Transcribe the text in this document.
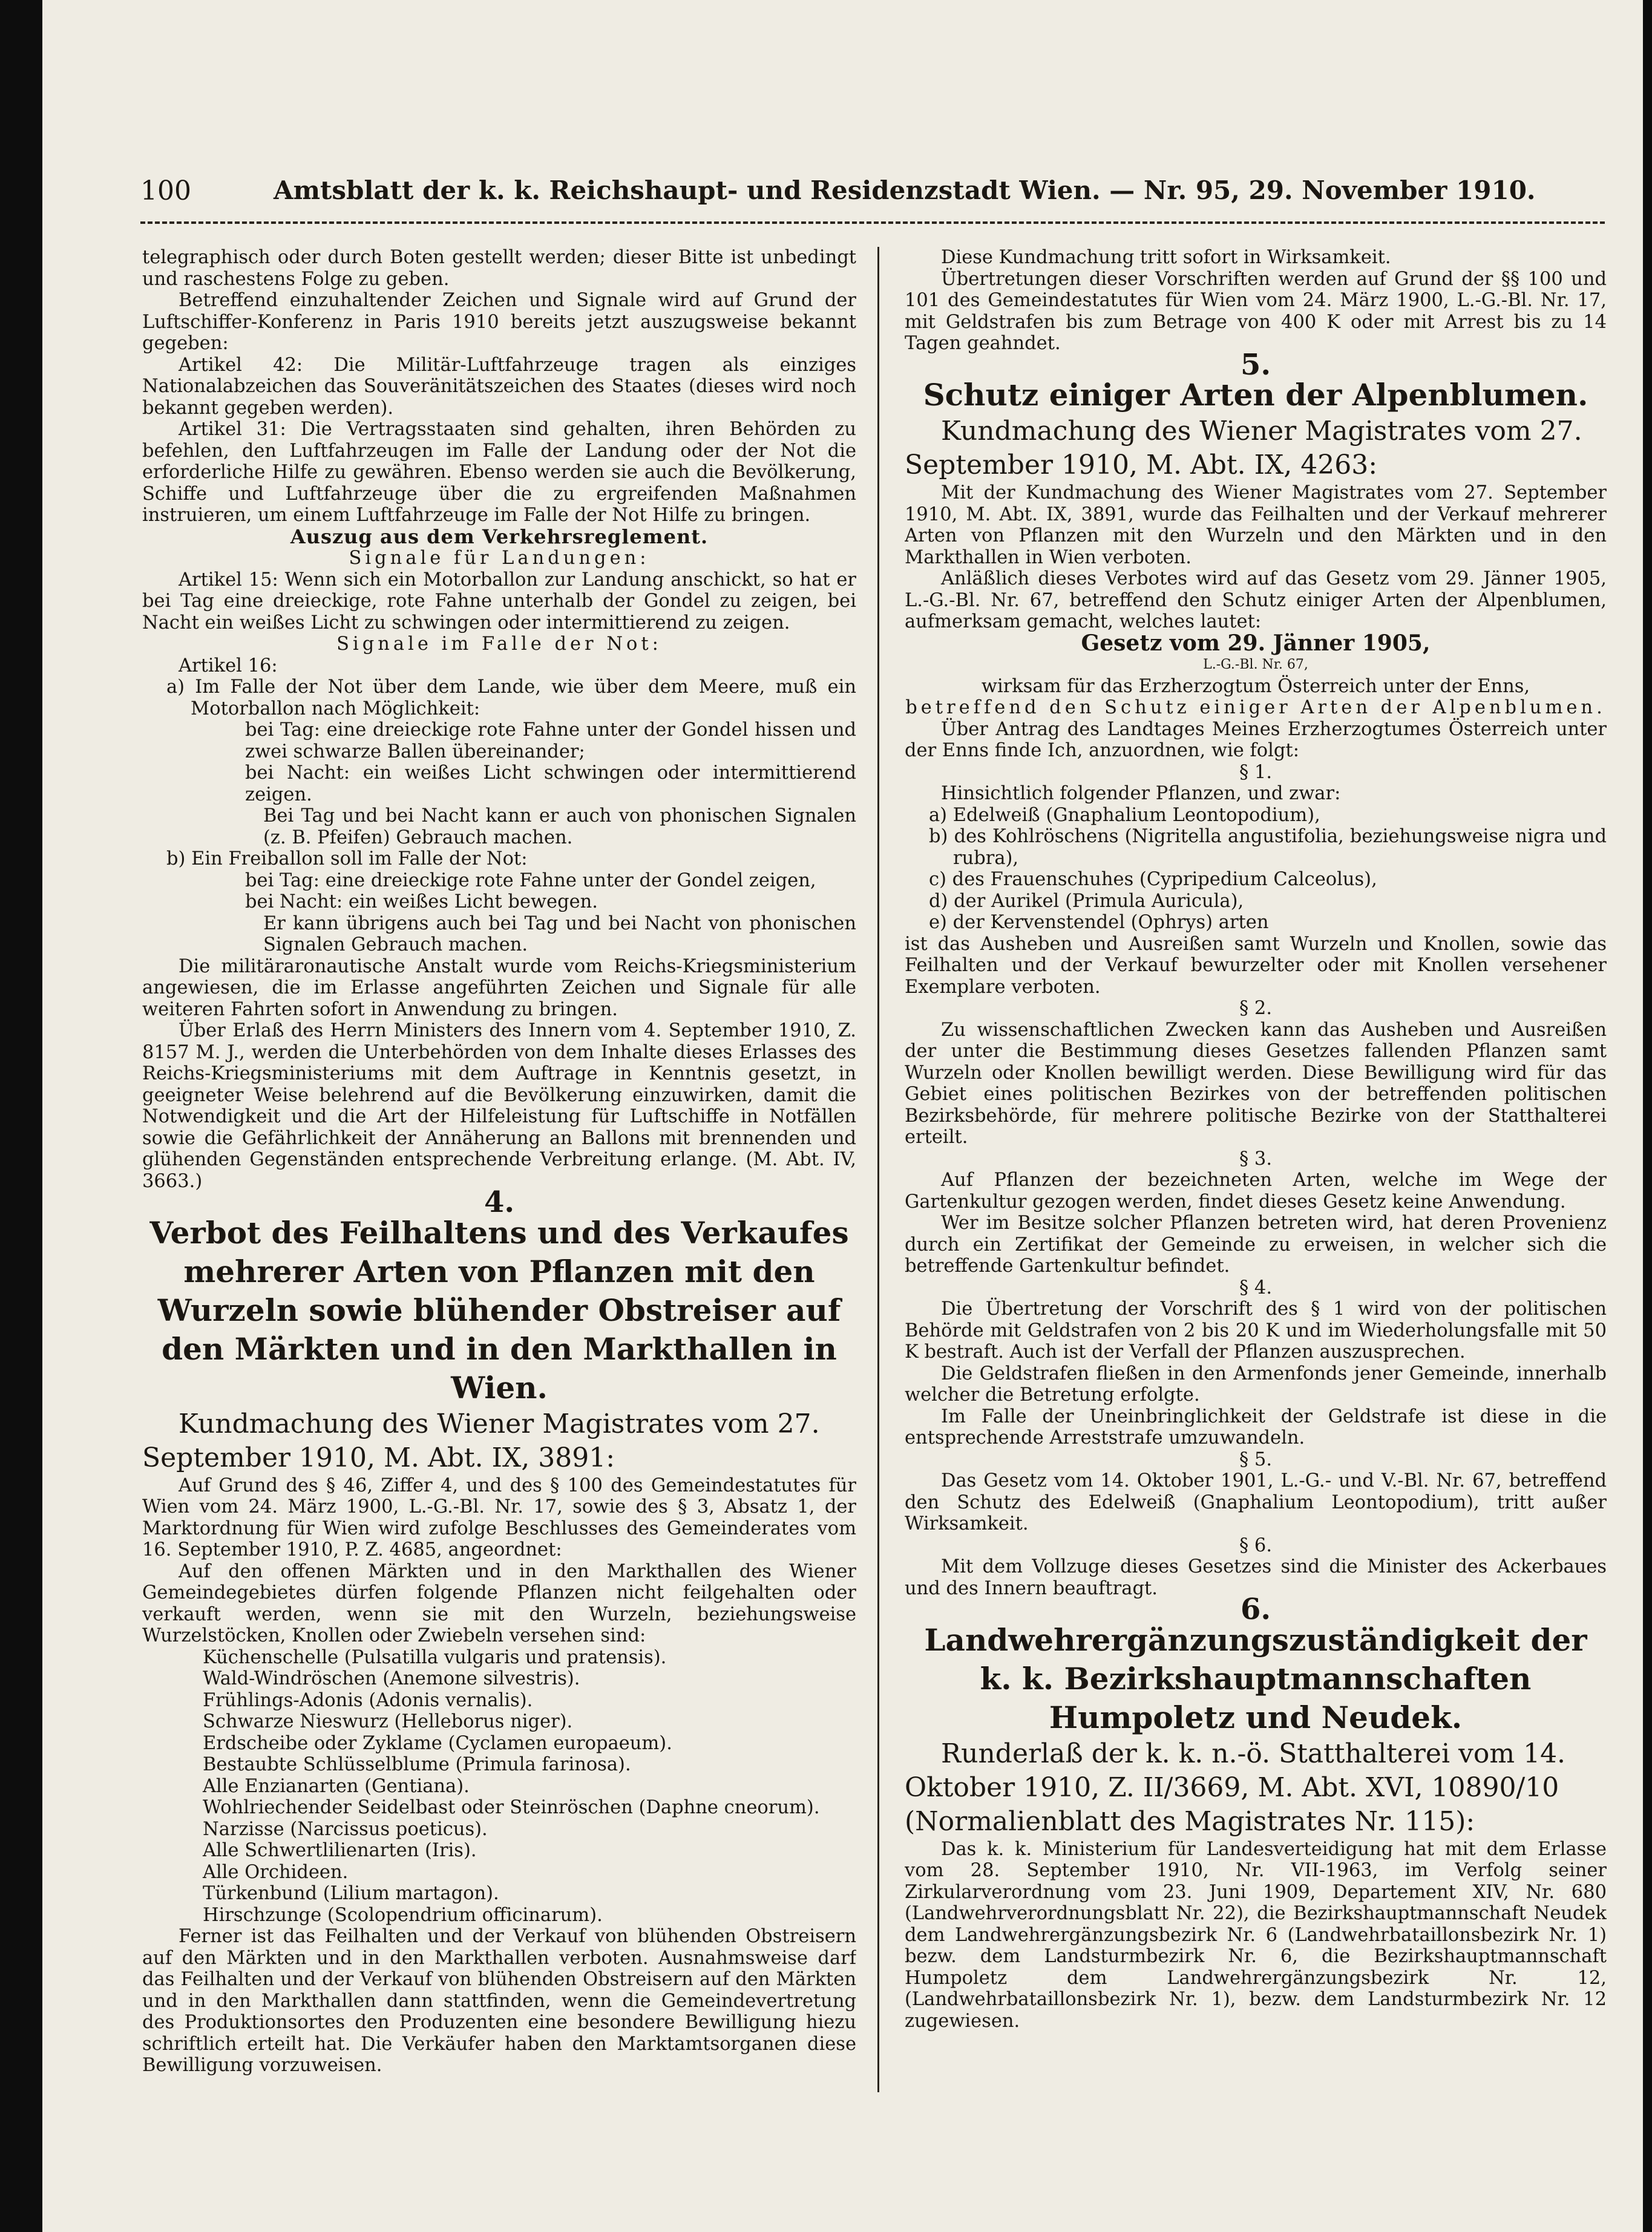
100	Amtsblatt der k. k. Reichshaupt- und Residenzstadt Wien. — Nr. 95, 29. November 1910.

telegraphisch oder durch Boten gestellt werden; dieser Bitte ist unbedingt und raschestens Folge zu geben.

Betreffend einzuhaltender Zeichen und Signale wird auf Grund der Luftschiffer-Konferenz in Paris 1910 bereits jetzt auszugsweise bekannt gegeben:

Artikel 42: Die Militär-Luftfahrzeuge tragen als einziges Nationalabzeichen das Souveränitätszeichen des Staates (dieses wird noch bekannt gegeben werden).

Artikel 31: Die Vertragsstaaten sind gehalten, ihren Behörden zu befehlen, den Luftfahrzeugen im Falle der Landung oder der Not die erforderliche Hilfe zu gewähren. Ebenso werden sie auch die Bevölkerung, Schiffe und Luftfahrzeuge über die zu ergreifenden Maßnahmen instruieren, um einem Luftfahrzeuge im Falle der Not Hilfe zu bringen.

Auszug aus dem Verkehrsreglement.

Signale für Landungen:

Artikel 15: Wenn sich ein Motorballon zur Landung anschickt, so hat er bei Tag eine dreieckige, rote Fahne unterhalb der Gondel zu zeigen, bei Nacht ein weißes Licht zu schwingen oder intermittierend zu zeigen.

Signale im Falle der Not:

Artikel 16:

a) Im Falle der Not über dem Lande, wie über dem Meere, muß ein Motorballon nach Möglichkeit:

bei Tag: eine dreieckige rote Fahne unter der Gondel hissen und zwei schwarze Ballen übereinander;

bei Nacht: ein weißes Licht schwingen oder intermittierend zeigen.

Bei Tag und bei Nacht kann er auch von phonischen Signalen (z. B. Pfeifen) Gebrauch machen.

b) Ein Freiballon soll im Falle der Not:

bei Tag: eine dreieckige rote Fahne unter der Gondel zeigen,

bei Nacht: ein weißes Licht bewegen.

Er kann übrigens auch bei Tag und bei Nacht von phonischen Signalen Gebrauch machen.

Die militäraronautische Anstalt wurde vom Reichs-Kriegsministerium angewiesen, die im Erlasse angeführten Zeichen und Signale für alle weiteren Fahrten sofort in Anwendung zu bringen.

Über Erlaß des Herrn Ministers des Innern vom 4. September 1910, Z. 8157 M. J., werden die Unterbehörden von dem Inhalte dieses Erlasses des Reichs-Kriegsministeriums mit dem Auftrage in Kenntnis gesetzt, in geeigneter Weise belehrend auf die Bevölkerung einzuwirken, damit die Notwendigkeit und die Art der Hilfeleistung für Luftschiffe in Notfällen sowie die Gefährlichkeit der Annäherung an Ballons mit brennenden und glühenden Gegenständen entsprechende Verbreitung erlange. (M. Abt. IV, 3663.)

4.

Verbot des Feilhaltens und des Verkaufes mehrerer Arten von Pflanzen mit den Wurzeln sowie blühender Obstreiser auf den Märkten und in den Markthallen in Wien.

Kundmachung des Wiener Magistrates vom 27. September 1910, M. Abt. IX, 3891:

Auf Grund des § 46, Ziffer 4, und des § 100 des Gemeindestatutes für Wien vom 24. März 1900, L.-G.-Bl. Nr. 17, sowie des § 3, Absatz 1, der Marktordnung für Wien wird zufolge Beschlusses des Gemeinderates vom 16. September 1910, P. Z. 4685, angeordnet:

Auf den offenen Märkten und in den Markthallen des Wiener Gemeindegebietes dürfen folgende Pflanzen nicht feilgehalten oder verkauft werden, wenn sie mit den Wurzeln, beziehungsweise Wurzelstöcken, Knollen oder Zwiebeln versehen sind:

Küchenschelle (Pulsatilla vulgaris und pratensis).

Wald-Windröschen (Anemone silvestris).

Frühlings-Adonis (Adonis vernalis).

Schwarze Nieswurz (Helleborus niger).

Erdscheibe oder Zyklame (Cyclamen europaeum).

Bestaubte Schlüsselblume (Primula farinosa).

Alle Enzianarten (Gentiana).

Wohlriechender Seidelbast oder Steinröschen (Daphne cneorum).

Narzisse (Narcissus poeticus).

Alle Schwertlilienarten (Iris).

Alle Orchideen.

Türkenbund (Lilium martagon).

Hirschzunge (Scolopendrium officinarum).

Ferner ist das Feilhalten und der Verkauf von blühenden Obstreisern auf den Märkten und in den Markthallen verboten. Ausnahmsweise darf das Feilhalten und der Verkauf von blühenden Obstreisern auf den Märkten und in den Markthallen dann stattfinden, wenn die Gemeindevertretung des Produktionsortes den Produzenten eine besondere Bewilligung hiezu schriftlich erteilt hat. Die Verkäufer haben den Marktamtsorganen diese Bewilligung vorzuweisen.

Diese Kundmachung tritt sofort in Wirksamkeit.

Übertretungen dieser Vorschriften werden auf Grund der §§ 100 und 101 des Gemeindestatutes für Wien vom 24. März 1900, L.-G.-Bl. Nr. 17, mit Geldstrafen bis zum Betrage von 400 K oder mit Arrest bis zu 14 Tagen geahndet.

5.

Schutz einiger Arten der Alpenblumen.

Kundmachung des Wiener Magistrates vom 27. September 1910, M. Abt. IX, 4263:

Mit der Kundmachung des Wiener Magistrates vom 27. September 1910, M. Abt. IX, 3891, wurde das Feilhalten und der Verkauf mehrerer Arten von Pflanzen mit den Wurzeln und den Märkten und in den Markthallen in Wien verboten.

Anläßlich dieses Verbotes wird auf das Gesetz vom 29. Jänner 1905, L.-G.-Bl. Nr. 67, betreffend den Schutz einiger Arten der Alpenblumen, aufmerksam gemacht, welches lautet:

Gesetz vom 29. Jänner 1905,

L.-G.-Bl. Nr. 67,

wirksam für das Erzherzogtum Österreich unter der Enns,

betreffend den Schutz einiger Arten der Alpenblumen.

Über Antrag des Landtages Meines Erzherzogtumes Österreich unter der Enns finde Ich, anzuordnen, wie folgt:

§ 1.

Hinsichtlich folgender Pflanzen, und zwar:

a) Edelweiß (Gnaphalium Leontopodium),

b) des Kohlröschens (Nigritella angustifolia, beziehungsweise nigra und rubra),

c) des Frauenschuhes (Cypripedium Calceolus),

d) der Aurikel (Primula Auricula),

e) der Kervenstendel (Ophrys) arten

ist das Ausheben und Ausreißen samt Wurzeln und Knollen, sowie das Feilhalten und der Verkauf bewurzelter oder mit Knollen versehener Exemplare verboten.

§ 2.

Zu wissenschaftlichen Zwecken kann das Ausheben und Ausreißen der unter die Bestimmung dieses Gesetzes fallenden Pflanzen samt Wurzeln oder Knollen bewilligt werden. Diese Bewilligung wird für das Gebiet eines politischen Bezirkes von der betreffenden politischen Bezirksbehörde, für mehrere politische Bezirke von der Statthalterei erteilt.

§ 3.

Auf Pflanzen der bezeichneten Arten, welche im Wege der Gartenkultur gezogen werden, findet dieses Gesetz keine Anwendung.

Wer im Besitze solcher Pflanzen betreten wird, hat deren Provenienz durch ein Zertifikat der Gemeinde zu erweisen, in welcher sich die betreffende Gartenkultur befindet.

§ 4.

Die Übertretung der Vorschrift des § 1 wird von der politischen Behörde mit Geldstrafen von 2 bis 20 K und im Wiederholungsfalle mit 50 K bestraft. Auch ist der Verfall der Pflanzen auszusprechen.

Die Geldstrafen fließen in den Armenfonds jener Gemeinde, innerhalb welcher die Betretung erfolgte.

Im Falle der Uneinbringlichkeit der Geldstrafe ist diese in die entsprechende Arreststrafe umzuwandeln.

§ 5.

Das Gesetz vom 14. Oktober 1901, L.-G.- und V.-Bl. Nr. 67, betreffend den Schutz des Edelweiß (Gnaphalium Leontopodium), tritt außer Wirksamkeit.

§ 6.

Mit dem Vollzuge dieses Gesetzes sind die Minister des Ackerbaues und des Innern beauftragt.

6.

Landwehrergänzungszuständigkeit der k. k. Bezirkshauptmannschaften Humpoletz und Neudek.

Runderlaß der k. k. n.-ö. Statthalterei vom 14. Oktober 1910, Z. II/3669, M. Abt. XVI, 10890/10 (Normalienblatt des Magistrates Nr. 115):

Das k. k. Ministerium für Landesverteidigung hat mit dem Erlasse vom 28. September 1910, Nr. VII-1963, im Verfolg seiner Zirkularverordnung vom 23. Juni 1909, Departement XIV, Nr. 680 (Landwehrverordnungsblatt Nr. 22), die Bezirkshauptmannschaft Neudek dem Landwehrergänzungsbezirk Nr. 6 (Landwehrbataillonsbezirk Nr. 1) bezw. dem Landsturmbezirk Nr. 6, die Bezirkshauptmannschaft Humpoletz dem Landwehrergänzungsbezirk Nr. 12, (Landwehrbataillonsbezirk Nr. 1), bezw. dem Landsturmbezirk Nr. 12 zugewiesen.
